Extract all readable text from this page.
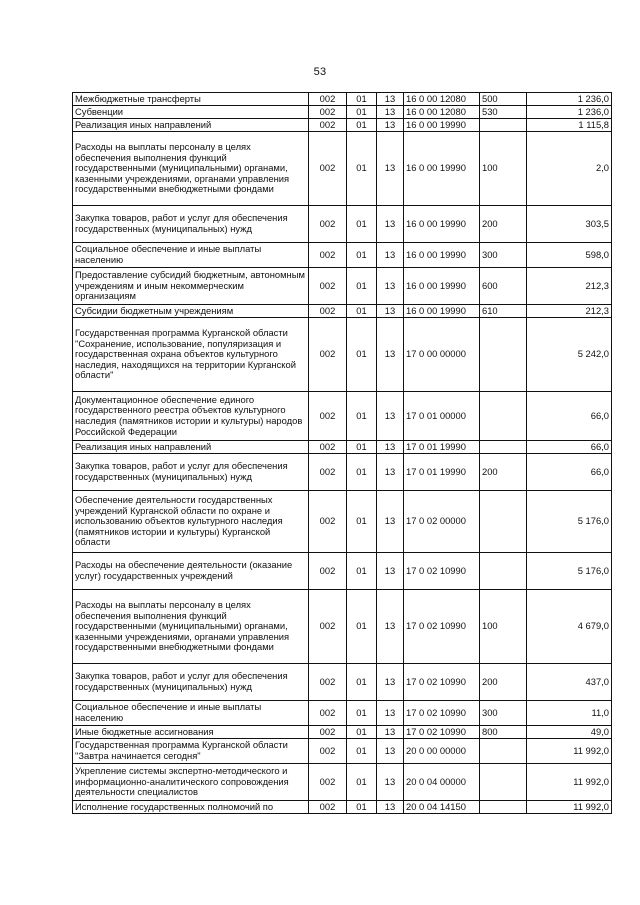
53
Межбюджетные трансферты	002	01	13	16 0 00 12080	500	1 236,0
Субвенции	002	01	13	16 0 00 12080	530	1 236,0
Реализация иных направлений	002	01	13	16 0 00 19990		1 115,8
Расходы на выплаты персоналу в целях обеспечения выполнения функций государственными (муниципальными) органами, казенными учреждениями, органами управления государственными внебюджетными фондами	002	01	13	16 0 00 19990	100	2,0
Закупка товаров, работ и услуг для обеспечения государственных (муниципальных) нужд	002	01	13	16 0 00 19990	200	303,5
Социальное обеспечение и иные выплаты населению	002	01	13	16 0 00 19990	300	598,0
Предоставление субсидий бюджетным, автономным учреждениям и иным некоммерческим организациям	002	01	13	16 0 00 19990	600	212,3
Субсидии бюджетным учреждениям	002	01	13	16 0 00 19990	610	212,3
Государственная программа Курганской области "Сохранение, использование, популяризация и государственная охрана объектов культурного наследия, находящихся на территории Курганской области"	002	01	13	17 0 00 00000		5 242,0
Документационное обеспечение единого государственного реестра объектов культурного наследия (памятников истории и культуры) народов Российской Федерации	002	01	13	17 0 01 00000		66,0
Реализация иных направлений	002	01	13	17 0 01 19990		66,0
Закупка товаров, работ и услуг для обеспечения государственных (муниципальных) нужд	002	01	13	17 0 01 19990	200	66,0
Обеспечение деятельности государственных учреждений Курганской области по охране и использованию объектов культурного наследия (памятников истории и культуры) Курганской области	002	01	13	17 0 02 00000		5 176,0
Расходы на обеспечение деятельности (оказание услуг) государственных учреждений	002	01	13	17 0 02 10990		5 176,0
Расходы на выплаты персоналу в целях обеспечения выполнения функций государственными (муниципальными) органами, казенными учреждениями, органами управления государственными внебюджетными фондами	002	01	13	17 0 02 10990	100	4 679,0
Закупка товаров, работ и услуг для обеспечения государственных (муниципальных) нужд	002	01	13	17 0 02 10990	200	437,0
Социальное обеспечение и иные выплаты населению	002	01	13	17 0 02 10990	300	11,0
Иные бюджетные ассигнования	002	01	13	17 0 02 10990	800	49,0
Государственная программа Курганской области "Завтра начинается сегодня"	002	01	13	20 0 00 00000		11 992,0
Укрепление системы экспертно-методического и информационно-аналитического сопровождения деятельности специалистов	002	01	13	20 0 04 00000		11 992,0
Исполнение государственных полномочий по	002	01	13	20 0 04 14150		11 992,0
